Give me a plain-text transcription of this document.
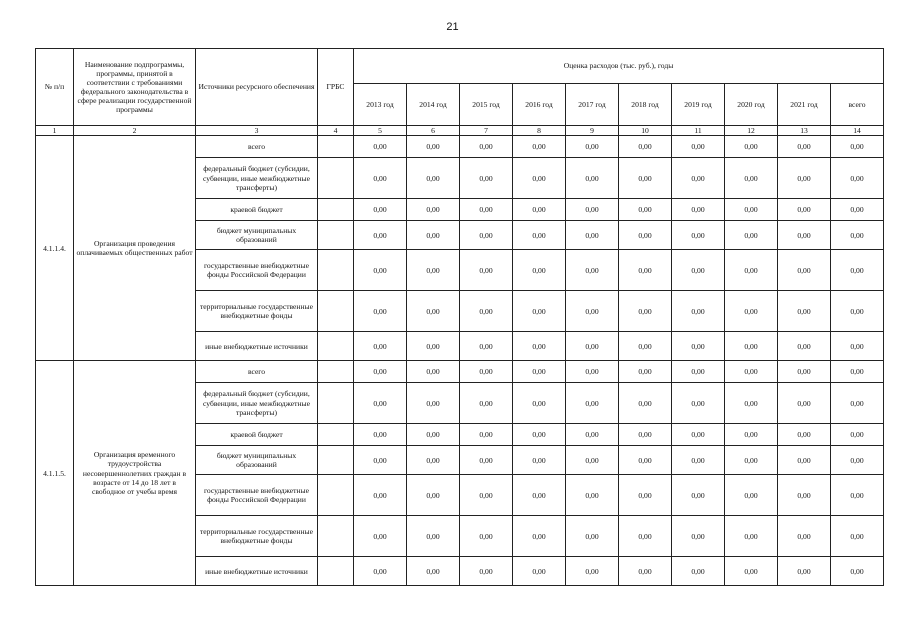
21
№ п/п	Наименование подпрограммы, программы, принятой в соответствии с требованиями федерального законодательства в сфере реализации государственной программы	Источники ресурсного обеспечения	ГРБС	Оценка расходов (тыс. руб.), годы									
				2013 год	2014 год	2015 год	2016 год	2017 год	2018 год	2019 год	2020 год	2021 год	всего
1	2	3	4	5	6	7	8	9	10	11	12	13	14
4.1.1.4.	Организация проведения оплачиваемых общественных работ	всего		0,00	0,00	0,00	0,00	0,00	0,00	0,00	0,00	0,00	0,00
		федеральный бюджет (субсидии, субвенции, иные межбюджетные трансферты)		0,00	0,00	0,00	0,00	0,00	0,00	0,00	0,00	0,00	0,00
		краевой бюджет		0,00	0,00	0,00	0,00	0,00	0,00	0,00	0,00	0,00	0,00
		бюджет муниципальных образований		0,00	0,00	0,00	0,00	0,00	0,00	0,00	0,00	0,00	0,00
		государственные внебюджетные фонды Российской Федерации		0,00	0,00	0,00	0,00	0,00	0,00	0,00	0,00	0,00	0,00
		территориальные государственные внебюджетные фонды		0,00	0,00	0,00	0,00	0,00	0,00	0,00	0,00	0,00	0,00
		иные внебюджетные источники		0,00	0,00	0,00	0,00	0,00	0,00	0,00	0,00	0,00	0,00
4.1.1.5.	Организация временного трудоустройства несовершеннолетних граждан в возрасте от 14 до 18 лет в свободное от учебы время	всего		0,00	0,00	0,00	0,00	0,00	0,00	0,00	0,00	0,00	0,00
		федеральный бюджет (субсидии, субвенции, иные межбюджетные трансферты)		0,00	0,00	0,00	0,00	0,00	0,00	0,00	0,00	0,00	0,00
		краевой бюджет		0,00	0,00	0,00	0,00	0,00	0,00	0,00	0,00	0,00	0,00
		бюджет муниципальных образований		0,00	0,00	0,00	0,00	0,00	0,00	0,00	0,00	0,00	0,00
		государственные внебюджетные фонды Российской Федерации		0,00	0,00	0,00	0,00	0,00	0,00	0,00	0,00	0,00	0,00
		территориальные государственные внебюджетные фонды		0,00	0,00	0,00	0,00	0,00	0,00	0,00	0,00	0,00	0,00
		иные внебюджетные источники		0,00	0,00	0,00	0,00	0,00	0,00	0,00	0,00	0,00	0,00
